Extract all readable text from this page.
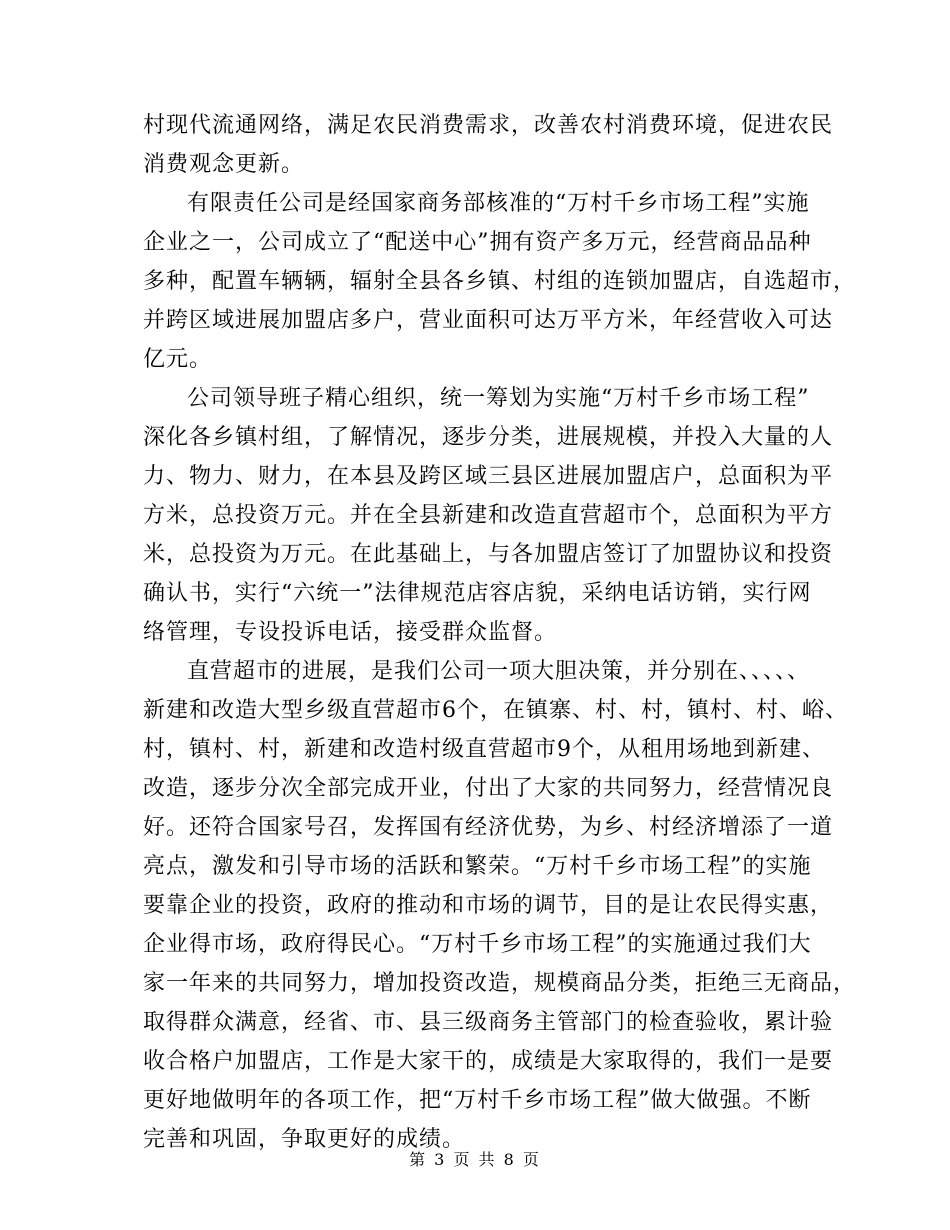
村现代流通网络，满足农民消费需求，改善农村消费环境，促进农民
消费观念更新。
有限责任公司是经国家商务部核准的“万村千乡市场工程”实施
企业之一，公司成立了“配送中心”拥有资产多万元，经营商品品种
多种，配置车辆辆，辐射全县各乡镇、村组的连锁加盟店，自选超市，
并跨区域进展加盟店多户，营业面积可达万平方米，年经营收入可达
亿元。
公司领导班子精心组织，统一筹划为实施“万村千乡市场工程”
深化各乡镇村组，了解情况，逐步分类，进展规模，并投入大量的人
力、物力、财力，在本县及跨区域三县区进展加盟店户，总面积为平
方米，总投资万元。并在全县新建和改造直营超市个，总面积为平方
米，总投资为万元。在此基础上，与各加盟店签订了加盟协议和投资
确认书，实行“六统一”法律规范店容店貌，采纳电话访销，实行网
络管理，专设投诉电话，接受群众监督。
直营超市的进展，是我们公司一项大胆决策，并分别在、、、、、
新建和改造大型乡级直营超市6个，在镇寨、村、村，镇村、村、峪、
村，镇村、村，新建和改造村级直营超市9个，从租用场地到新建、
改造，逐步分次全部完成开业，付出了大家的共同努力，经营情况良
好。还符合国家号召，发挥国有经济优势，为乡、村经济增添了一道
亮点，激发和引导市场的活跃和繁荣。“万村千乡市场工程”的实施
要靠企业的投资，政府的推动和市场的调节，目的是让农民得实惠，
企业得市场，政府得民心。“万村千乡市场工程”的实施通过我们大
家一年来的共同努力，增加投资改造，规模商品分类，拒绝三无商品，
取得群众满意，经省、市、县三级商务主管部门的检查验收，累计验
收合格户加盟店，工作是大家干的，成绩是大家取得的，我们一是要
更好地做明年的各项工作，把“万村千乡市场工程”做大做强。不断
完善和巩固，争取更好的成绩。
第 3 页 共 8 页
